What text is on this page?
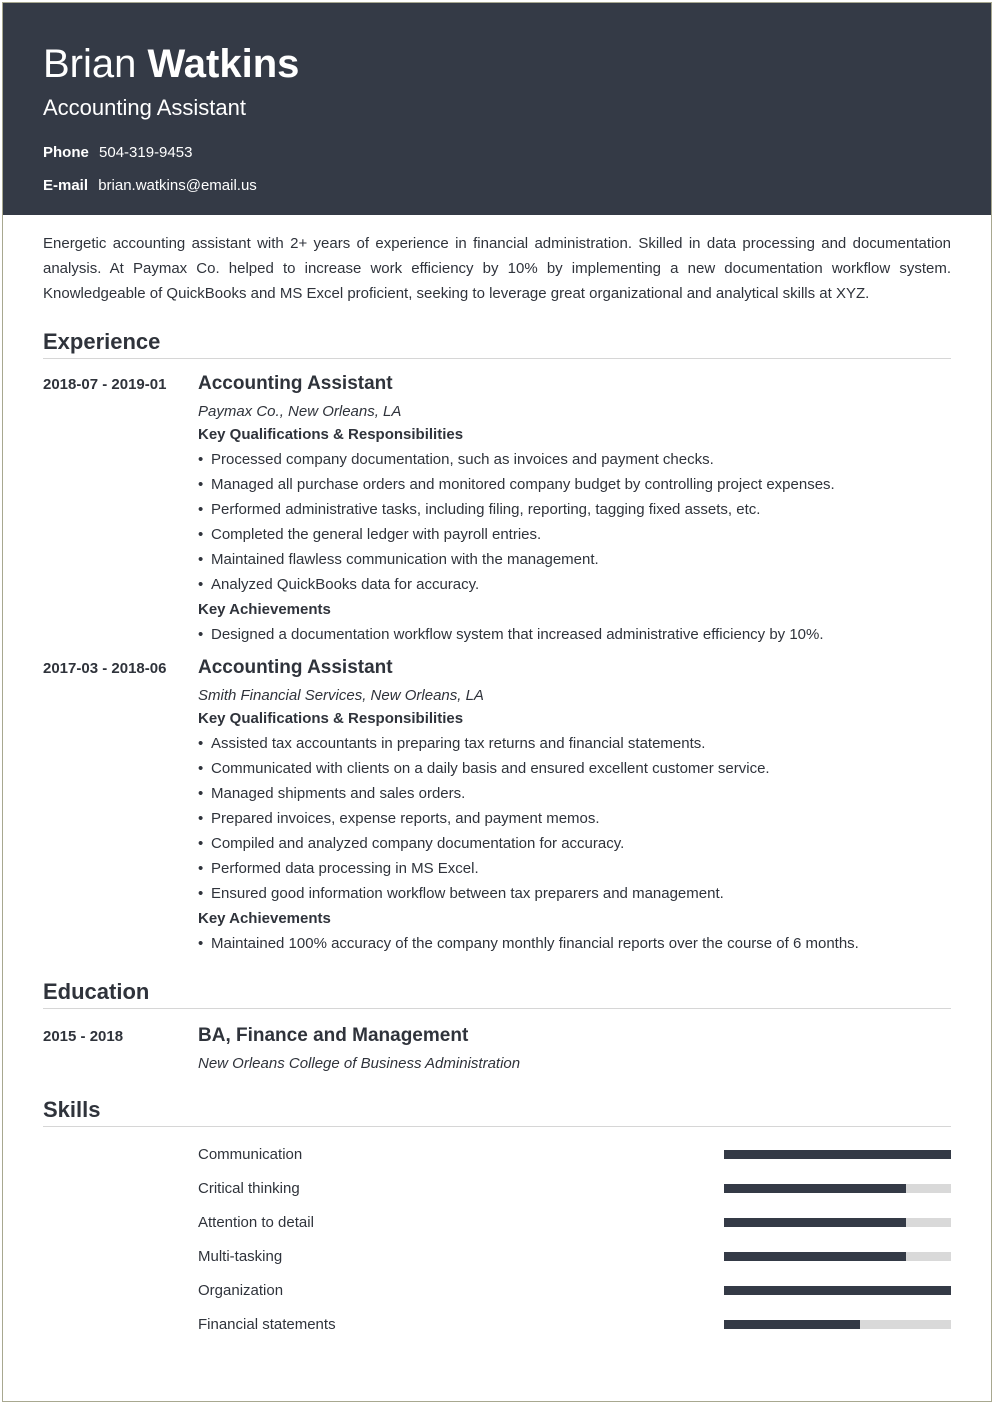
Brian Watkins
Accounting Assistant
Phone 504-319-9453
E-mail brian.watkins@email.us
Energetic accounting assistant with 2+ years of experience in financial administration. Skilled in data processing and documentation analysis. At Paymax Co. helped to increase work efficiency by 10% by implementing a new documentation workflow system. Knowledgeable of QuickBooks and MS Excel proficient, seeking to leverage great organizational and analytical skills at XYZ.
Experience
2018-07 - 2019-01	Accounting Assistant
Paymax Co., New Orleans, LA
Key Qualifications & Responsibilities
• Processed company documentation, such as invoices and payment checks.
• Managed all purchase orders and monitored company budget by controlling project expenses.
• Performed administrative tasks, including filing, reporting, tagging fixed assets, etc.
• Completed the general ledger with payroll entries.
• Maintained flawless communication with the management.
• Analyzed QuickBooks data for accuracy.
Key Achievements
• Designed a documentation workflow system that increased administrative efficiency by 10%.
2017-03 - 2018-06	Accounting Assistant
Smith Financial Services, New Orleans, LA
Key Qualifications & Responsibilities
• Assisted tax accountants in preparing tax returns and financial statements.
• Communicated with clients on a daily basis and ensured excellent customer service.
• Managed shipments and sales orders.
• Prepared invoices, expense reports, and payment memos.
• Compiled and analyzed company documentation for accuracy.
• Performed data processing in MS Excel.
• Ensured good information workflow between tax preparers and management.
Key Achievements
• Maintained 100% accuracy of the company monthly financial reports over the course of 6 months.
Education
2015 - 2018	BA, Finance and Management
New Orleans College of Business Administration
Skills
Communication
Critical thinking
Attention to detail
Multi-tasking
Organization
Financial statements
